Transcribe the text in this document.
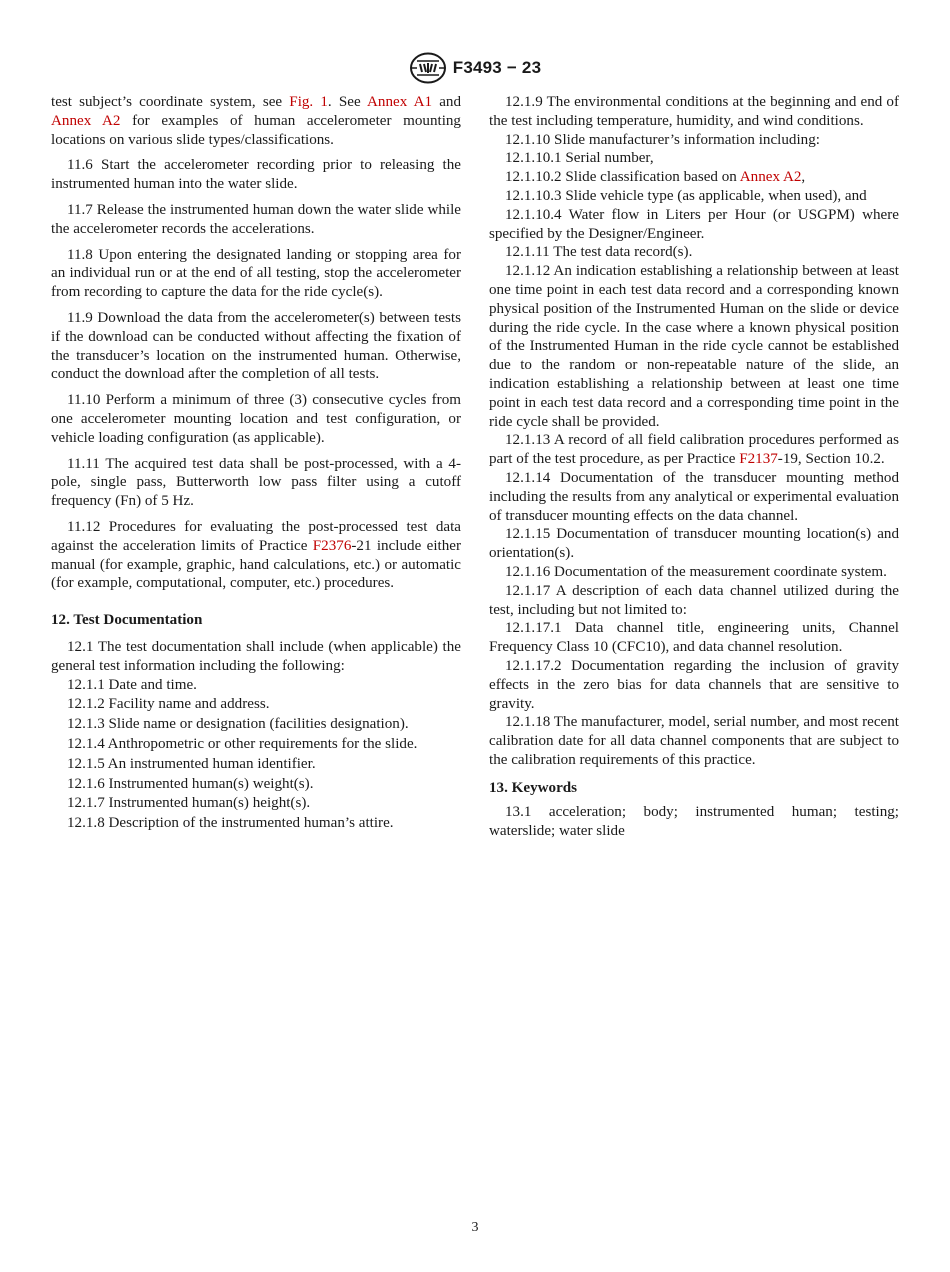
F3493 − 23

test subject’s coordinate system, see Fig. 1. See Annex A1 and Annex A2 for examples of human accelerometer mounting locations on various slide types/classifications.

11.6 Start the accelerometer recording prior to releasing the instrumented human into the water slide.

11.7 Release the instrumented human down the water slide while the accelerometer records the accelerations.

11.8 Upon entering the designated landing or stopping area for an individual run or at the end of all testing, stop the accelerometer from recording to capture the data for the ride cycle(s).

11.9 Download the data from the accelerometer(s) between tests if the download can be conducted without affecting the fixation of the transducer’s location on the instrumented human. Otherwise, conduct the download after the completion of all tests.

11.10 Perform a minimum of three (3) consecutive cycles from one accelerometer mounting location and test configuration, or vehicle loading configuration (as applicable).

11.11 The acquired test data shall be post-processed, with a 4-pole, single pass, Butterworth low pass filter using a cutoff frequency (Fn) of 5 Hz.

11.12 Procedures for evaluating the post-processed test data against the acceleration limits of Practice F2376-21 include either manual (for example, graphic, hand calculations, etc.) or automatic (for example, computational, computer, etc.) procedures.

12. Test Documentation

12.1 The test documentation shall include (when applicable) the general test information including the following:

12.1.1 Date and time.

12.1.2 Facility name and address.

12.1.3 Slide name or designation (facilities designation).

12.1.4 Anthropometric or other requirements for the slide.

12.1.5 An instrumented human identifier.

12.1.6 Instrumented human(s) weight(s).

12.1.7 Instrumented human(s) height(s).

12.1.8 Description of the instrumented human’s attire.

12.1.9 The environmental conditions at the beginning and end of the test including temperature, humidity, and wind conditions.

12.1.10 Slide manufacturer’s information including:

12.1.10.1 Serial number,

12.1.10.2 Slide classification based on Annex A2,

12.1.10.3 Slide vehicle type (as applicable, when used), and

12.1.10.4 Water flow in Liters per Hour (or USGPM) where specified by the Designer/Engineer.

12.1.11 The test data record(s).

12.1.12 An indication establishing a relationship between at least one time point in each test data record and a corresponding known physical position of the Instrumented Human on the slide or device during the ride cycle. In the case where a known physical position of the Instrumented Human in the ride cycle cannot be established due to the random or non-repeatable nature of the slide, an indication establishing a relationship between at least one time point in each test data record and a corresponding time point in the ride cycle shall be provided.

12.1.13 A record of all field calibration procedures performed as part of the test procedure, as per Practice F2137-19, Section 10.2.

12.1.14 Documentation of the transducer mounting method including the results from any analytical or experimental evaluation of transducer mounting effects on the data channel.

12.1.15 Documentation of transducer mounting location(s) and orientation(s).

12.1.16 Documentation of the measurement coordinate system.

12.1.17 A description of each data channel utilized during the test, including but not limited to:

12.1.17.1 Data channel title, engineering units, Channel Frequency Class 10 (CFC10), and data channel resolution.

12.1.17.2 Documentation regarding the inclusion of gravity effects in the zero bias for data channels that are sensitive to gravity.

12.1.18 The manufacturer, model, serial number, and most recent calibration date for all data channel components that are subject to the calibration requirements of this practice.

13. Keywords

13.1 acceleration; body; instrumented human; testing; waterslide; water slide

3
